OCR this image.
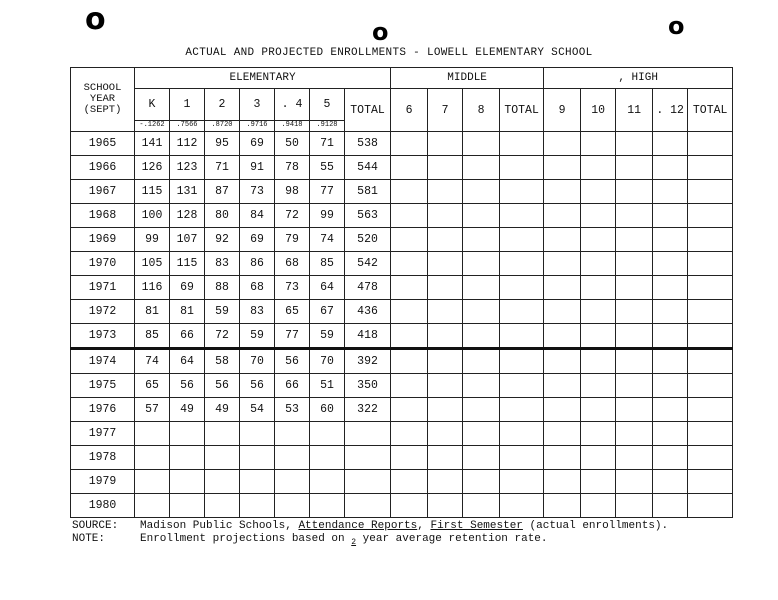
o	o	o
ACTUAL AND PROJECTED ENROLLMENTS - LOWELL ELEMENTARY SCHOOL
SCHOOL YEAR (SEPT)	ELEMENTARY							MIDDLE				, HIGH				
	K	1	2	3	. 4	5	TOTAL	6	7	8	TOTAL	9	10	11	. 12	TOTAL
	-.1262	.7566	.8720	.9716	.9418	.9128										
1965	141	112	95	69	50	71	538									
1966	126	123	71	91	78	55	544									
1967	115	131	87	73	98	77	581									
1968	100	128	80	84	72	99	563									
1969	99	107	92	69	79	74	520									
1970	105	115	83	86	68	85	542									
1971	116	69	88	68	73	64	478									
1972	81	81	59	83	65	67	436									
1973	85	66	72	59	77	59	418									
1974	74	64	58	70	56	70	392									
1975	65	56	56	56	66	51	350									
1976	57	49	49	54	53	60	322									
1977																
1978																
1979																
1980																
SOURCE:	Madison Public Schools, Attendance Reports, First Semester (actual enrollments).
NOTE:	Enrollment projections based on $_2$ year average retention rate.
